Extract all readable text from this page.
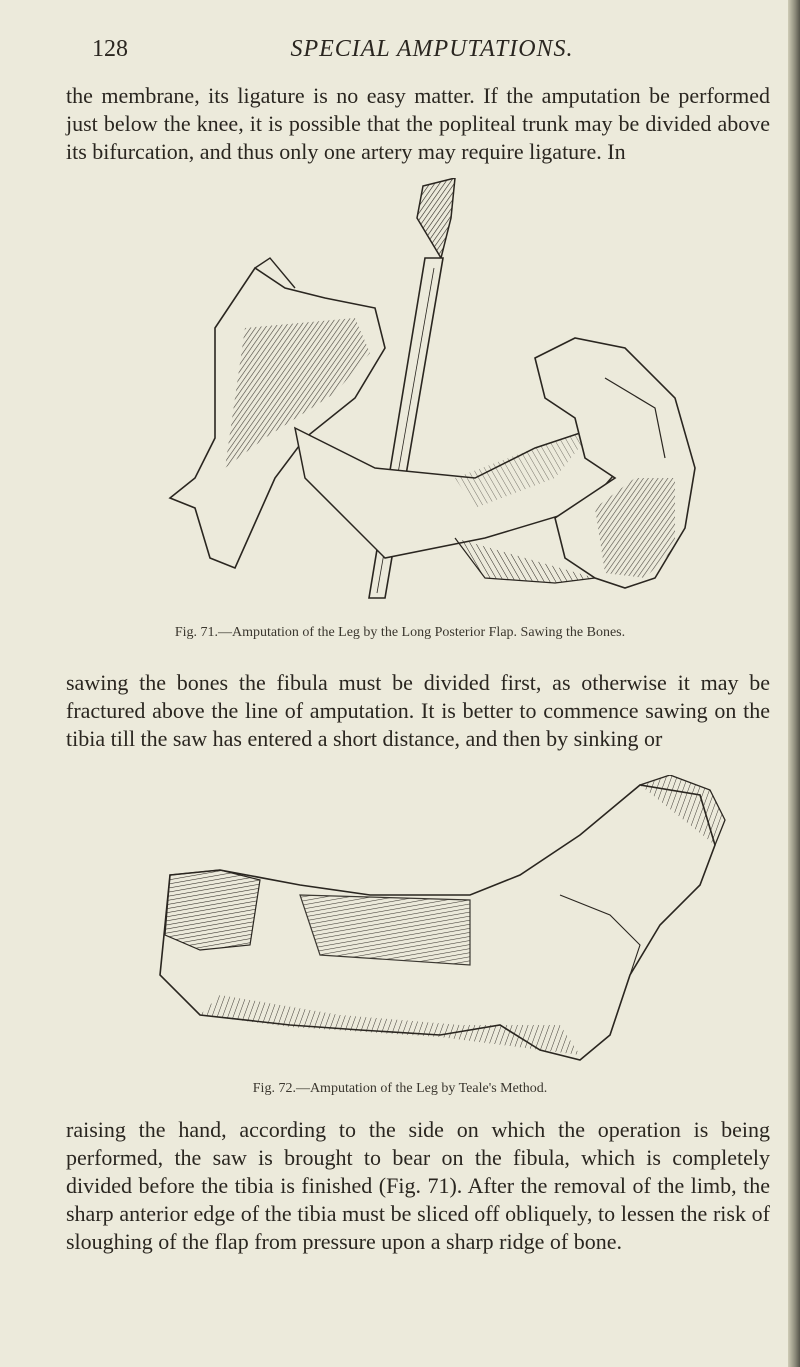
128	SPECIAL AMPUTATIONS.

the membrane, its ligature is no easy matter. If the amputation be performed just below the knee, it is possible that the popliteal trunk may be divided above its bifurcation, and thus only one artery may require ligature. In

Fig. 71.—Amputation of the Leg by the Long Posterior Flap. Sawing the Bones.

sawing the bones the fibula must be divided first, as otherwise it may be fractured above the line of amputation. It is better to commence sawing on the tibia till the saw has entered a short distance, and then by sinking or

Fig. 72.—Amputation of the Leg by Teale's Method.

raising the hand, according to the side on which the operation is being performed, the saw is brought to bear on the fibula, which is completely divided before the tibia is finished (Fig. 71). After the removal of the limb, the sharp anterior edge of the tibia must be sliced off obliquely, to lessen the risk of sloughing of the flap from pressure upon a sharp ridge of bone.
